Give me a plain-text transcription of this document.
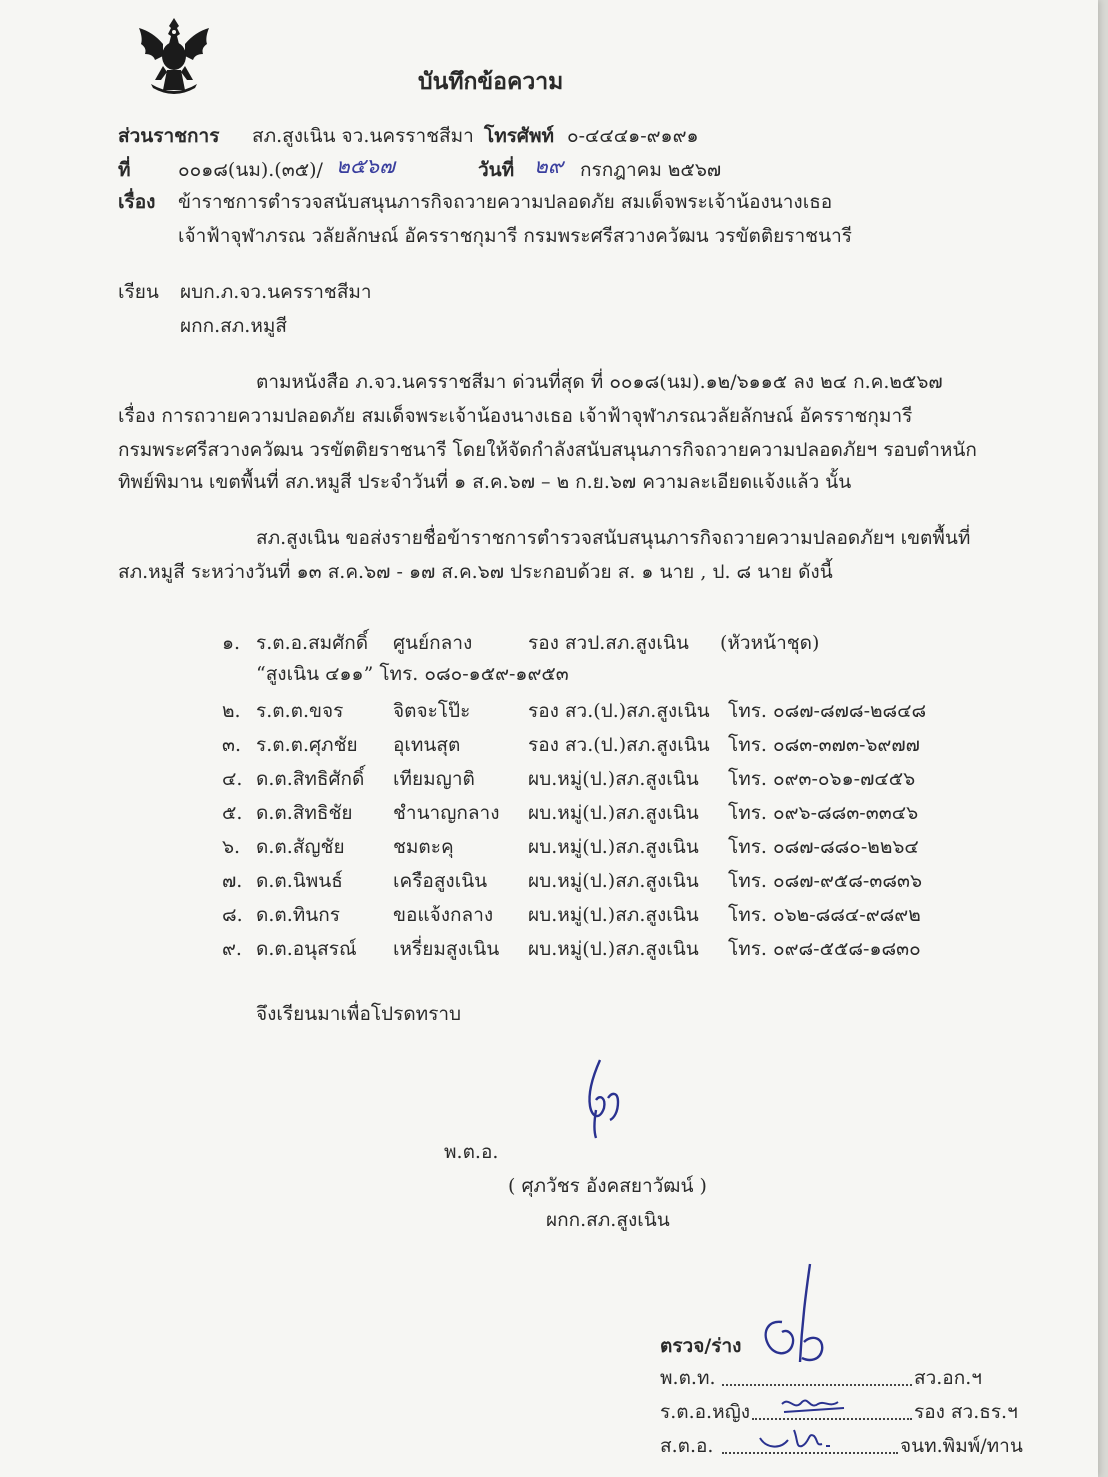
บันทึกข้อความ
ส่วนราชการ สภ.สูงเนิน จว.นครราชสีมา โทรศัพท์ ๐-๔๔๔๑-๙๑๙๑
ที่ ๐๐๑๘(นม).(๓๕)/ ๒๕๖๗	วันที่ ๒๙ กรกฎาคม ๒๕๖๗
เรื่อง ข้าราชการตำรวจสนับสนุนภารกิจถวายความปลอดภัย สมเด็จพระเจ้าน้องนางเธอ
เจ้าฟ้าจุฬาภรณ วลัยลักษณ์ อัครราชกุมารี กรมพระศรีสวางควัฒน วรขัตติยราชนารี
เรียน ผบก.ภ.จว.นครราชสีมา
ผกก.สภ.หมูสี
ตามหนังสือ ภ.จว.นครราชสีมา ด่วนที่สุด ที่ ๐๐๑๘(นม).๑๒/๖๑๑๕ ลง ๒๔ ก.ค.๒๕๖๗
เรื่อง การถวายความปลอดภัย สมเด็จพระเจ้าน้องนางเธอ เจ้าฟ้าจุฬาภรณวลัยลักษณ์ อัครราชกุมารี
กรมพระศรีสวางควัฒน วรขัตติยราชนารี โดยให้จัดกำลังสนับสนุนภารกิจถวายความปลอดภัยฯ รอบตำหนัก
ทิพย์พิมาน เขตพื้นที่ สภ.หมูสี ประจำวันที่ ๑ ส.ค.๖๗ – ๒ ก.ย.๖๗ ความละเอียดแจ้งแล้ว นั้น
สภ.สูงเนิน ขอส่งรายชื่อข้าราชการตำรวจสนับสนุนภารกิจถวายความปลอดภัยฯ เขตพื้นที่
สภ.หมูสี ระหว่างวันที่ ๑๓ ส.ค.๖๗ - ๑๗ ส.ค.๖๗ ประกอบด้วย ส. ๑ นาย , ป. ๘ นาย ดังนี้
๑. ร.ต.อ.สมศักดิ์ ศูนย์กลาง	รอง สวป.สภ.สูงเนิน (หัวหน้าชุด)
“สูงเนิน ๔๑๑” โทร. ๐๘๐-๑๕๙-๑๙๕๓
๒. ร.ต.ต.ขจร	จิตจะโป๊ะ	รอง สว.(ป.)สภ.สูงเนิน โทร. ๐๘๗-๘๗๘-๒๘๔๘
๓. ร.ต.ต.ศุภชัย อุเทนสุต	รอง สว.(ป.)สภ.สูงเนิน โทร. ๐๘๓-๓๗๓-๖๙๗๗
๔. ด.ต.สิทธิศักดิ์ เทียมญาติ	ผบ.หมู่(ป.)สภ.สูงเนิน โทร. ๐๙๓-๐๖๑-๗๔๕๖
๕. ด.ต.สิทธิชัย ชำนาญกลาง ผบ.หมู่(ป.)สภ.สูงเนิน โทร. ๐๙๖-๘๘๓-๓๓๔๖
๖. ด.ต.สัญชัย	ชมตะคุ	ผบ.หมู่(ป.)สภ.สูงเนิน โทร. ๐๘๗-๘๘๐-๒๒๖๔
๗. ด.ต.นิพนธ์	เครือสูงเนิน ผบ.หมู่(ป.)สภ.สูงเนิน โทร. ๐๘๗-๙๕๘-๓๘๓๖
๘. ด.ต.ทินกร	ขอแจ้งกลาง ผบ.หมู่(ป.)สภ.สูงเนิน โทร. ๐๖๒-๘๘๔-๙๘๙๒
๙. ด.ต.อนุสรณ์ เหรี่ยมสูงเนิน ผบ.หมู่(ป.)สภ.สูงเนิน โทร. ๐๙๘-๕๕๘-๑๘๓๐
จึงเรียนมาเพื่อโปรดทราบ
พ.ต.อ.
( ศุภวัชร อังคสยาวัฒน์ )
ผกก.สภ.สูงเนิน
ตรวจ/ร่าง
พ.ต.ท.	สว.อก.ฯ
ร.ต.อ.หญิง	รอง สว.ธร.ฯ
ส.ต.อ.	จนท.พิมพ์/ทาน
